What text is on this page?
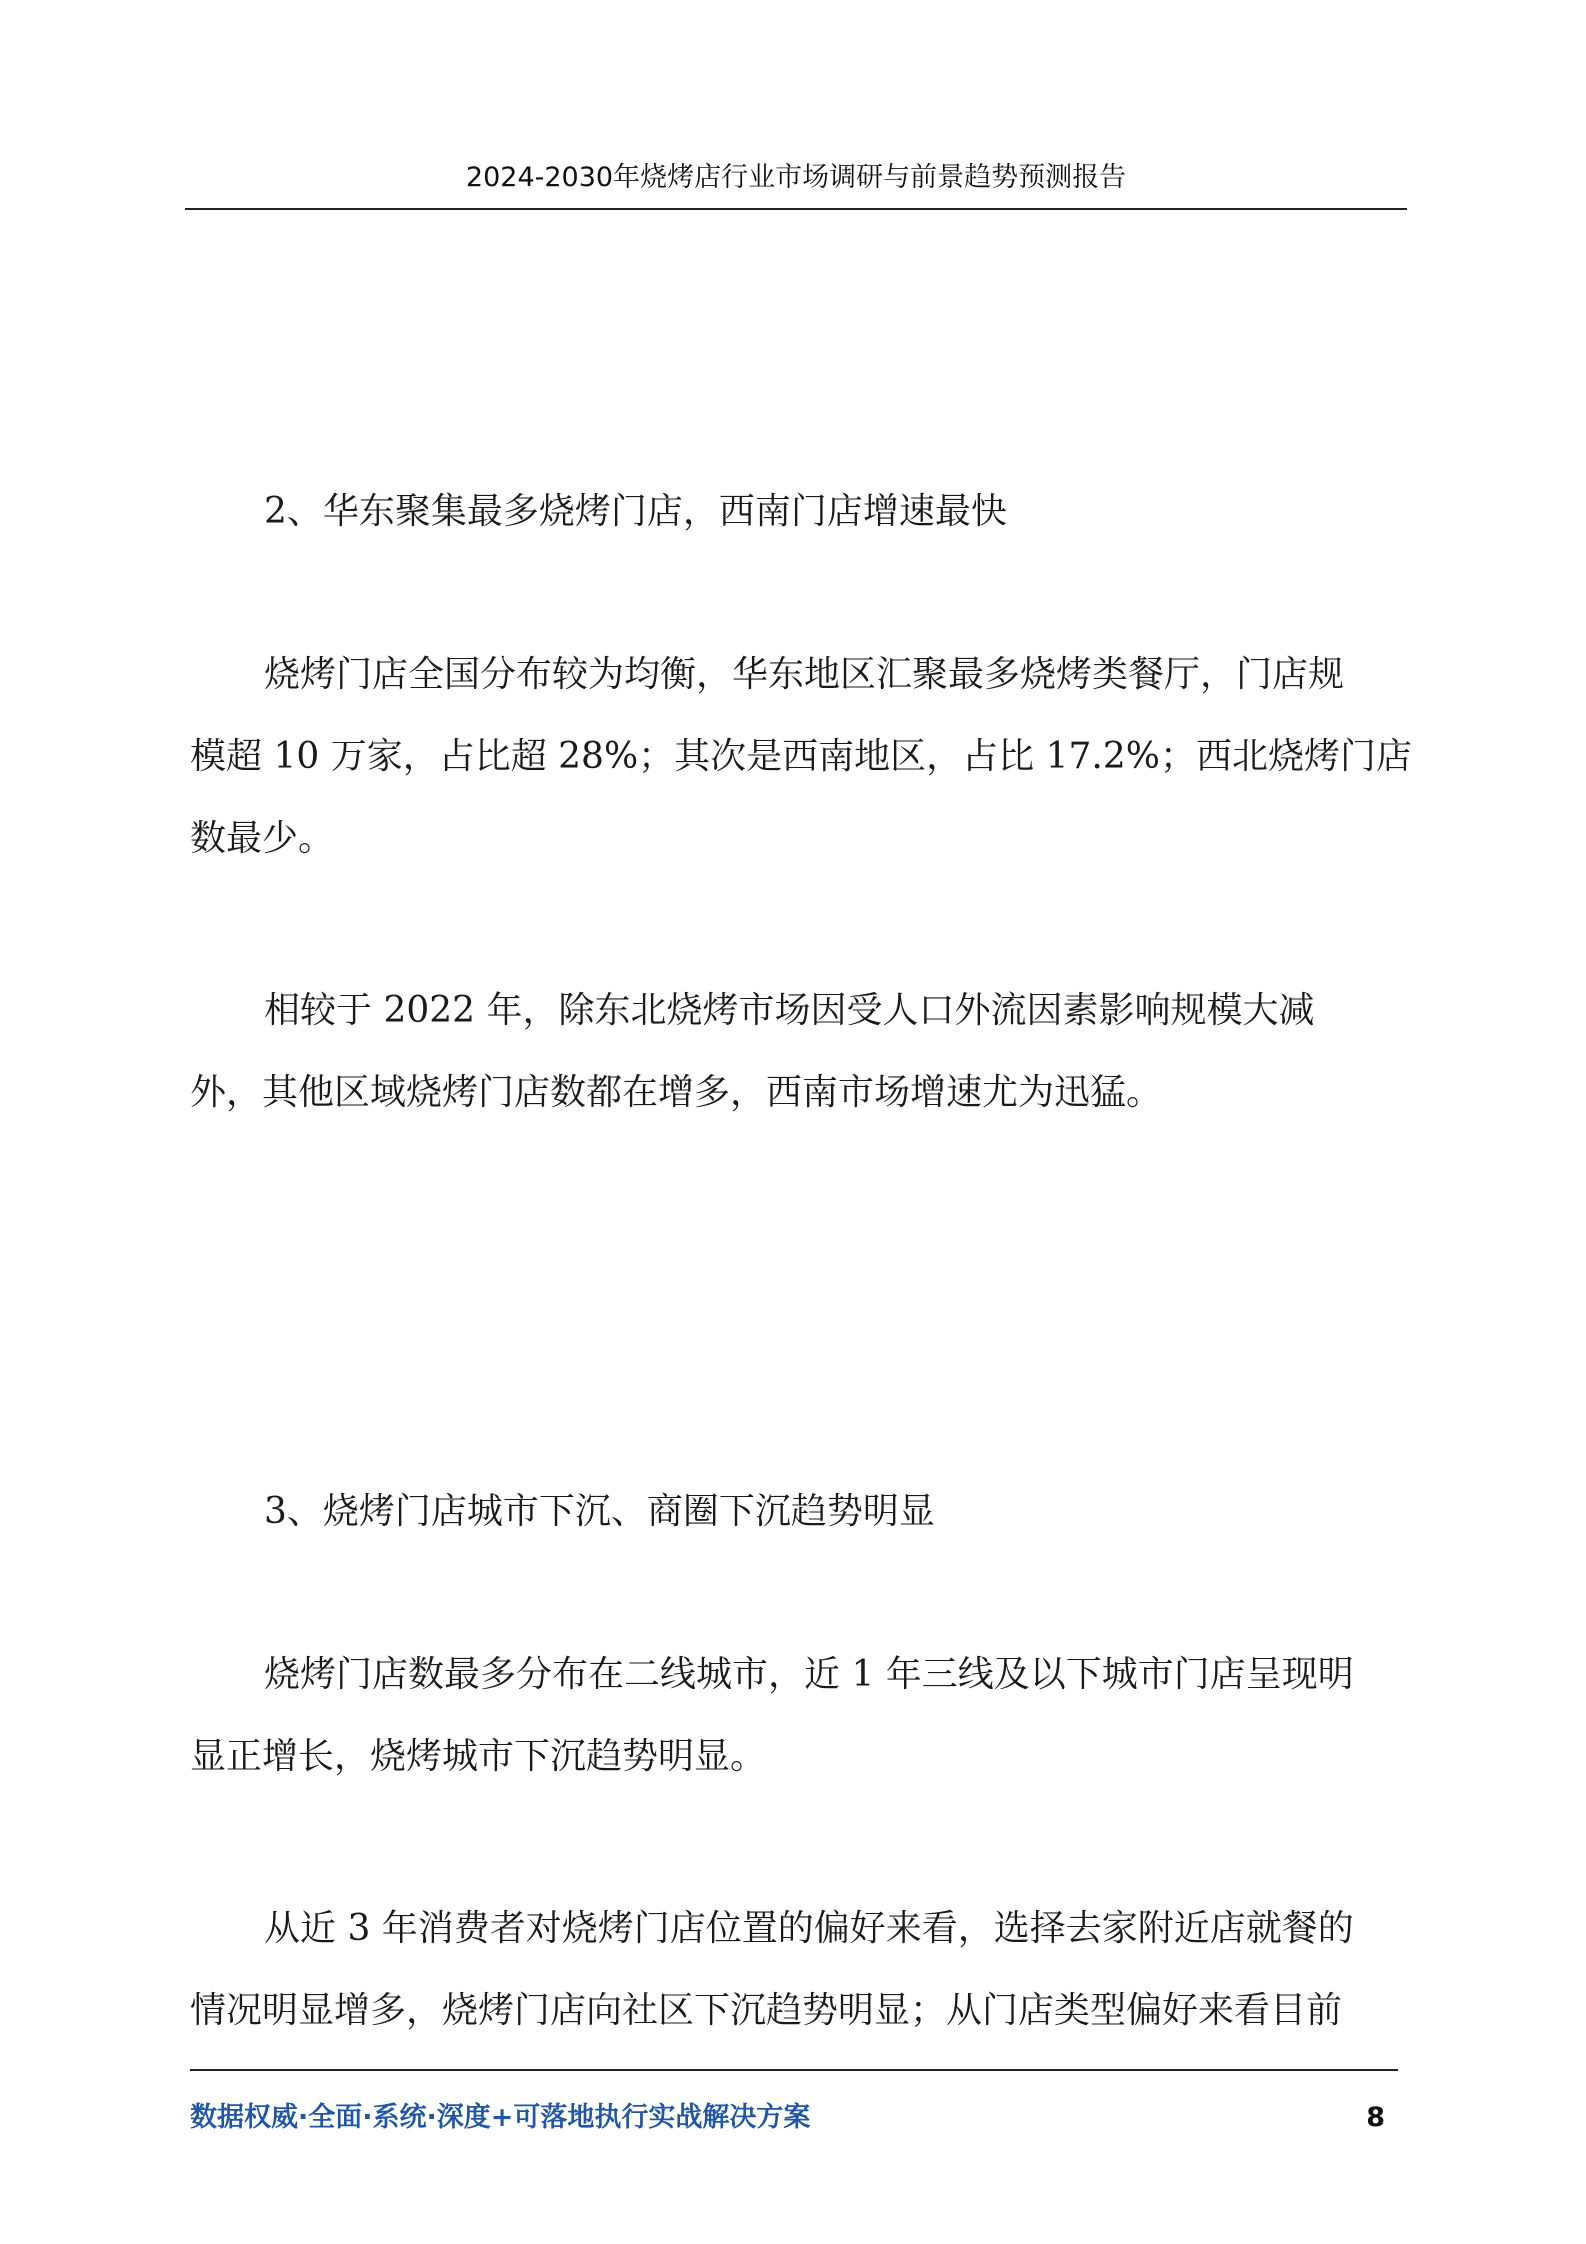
2024-2030年烧烤店行业市场调研与前景趋势预测报告
2、华东聚集最多烧烤门店，西南门店增速最快
烧烤门店全国分布较为均衡，华东地区汇聚最多烧烤类餐厅，门店规
模超 10 万家，占比超 28%；其次是西南地区，占比 17.2%；西北烧烤门店
数最少。
相较于 2022 年，除东北烧烤市场因受人口外流因素影响规模大减
外，其他区域烧烤门店数都在增多，西南市场增速尤为迅猛。
3、烧烤门店城市下沉、商圈下沉趋势明显
烧烤门店数最多分布在二线城市，近 1 年三线及以下城市门店呈现明
显正增长，烧烤城市下沉趋势明显。
从近 3 年消费者对烧烤门店位置的偏好来看，选择去家附近店就餐的
情况明显增多，烧烤门店向社区下沉趋势明显；从门店类型偏好来看目前
数据权威·全面·系统·深度+可落地执行实战解决方案	8
